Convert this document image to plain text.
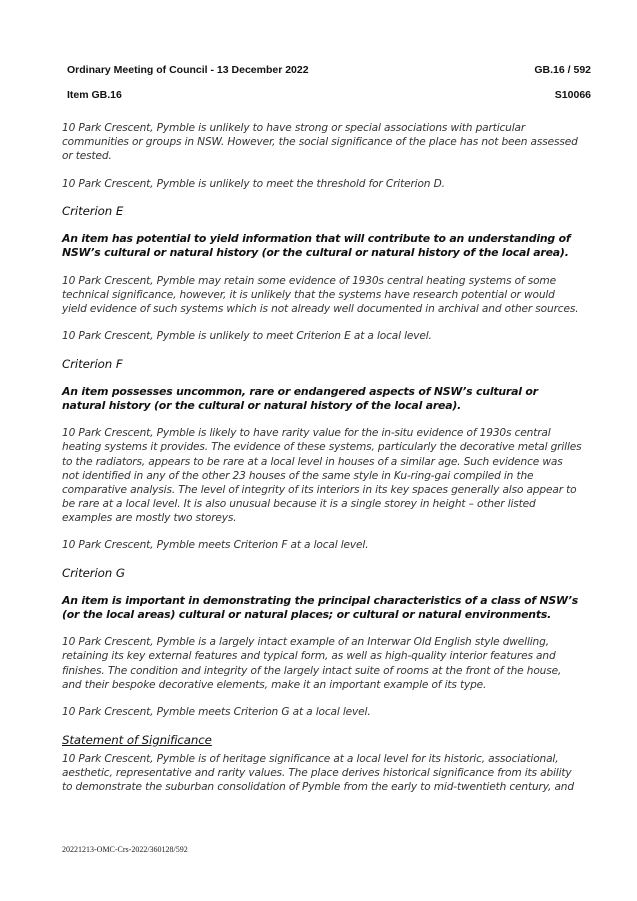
Ordinary Meeting of Council - 13 December 2022	GB.16 / 592
Item GB.16	S10066

10 Park Crescent, Pymble is unlikely to have strong or special associations with particular communities or groups in NSW. However, the social significance of the place has not been assessed or tested.

10 Park Crescent, Pymble is unlikely to meet the threshold for Criterion D.

Criterion E
An item has potential to yield information that will contribute to an understanding of NSW’s cultural or natural history (or the cultural or natural history of the local area).

10 Park Crescent, Pymble may retain some evidence of 1930s central heating systems of some technical significance, however, it is unlikely that the systems have research potential or would yield evidence of such systems which is not already well documented in archival and other sources.

10 Park Crescent, Pymble is unlikely to meet Criterion E at a local level.

Criterion F
An item possesses uncommon, rare or endangered aspects of NSW’s cultural or natural history (or the cultural or natural history of the local area).

10 Park Crescent, Pymble is likely to have rarity value for the in-situ evidence of 1930s central heating systems it provides. The evidence of these systems, particularly the decorative metal grilles to the radiators, appears to be rare at a local level in houses of a similar age. Such evidence was not identified in any of the other 23 houses of the same style in Ku-ring-gai compiled in the comparative analysis. The level of integrity of its interiors in its key spaces generally also appear to be rare at a local level. It is also unusual because it is a single storey in height – other listed examples are mostly two storeys.

10 Park Crescent, Pymble meets Criterion F at a local level.

Criterion G
An item is important in demonstrating the principal characteristics of a class of NSW’s (or the local areas) cultural or natural places; or cultural or natural environments.

10 Park Crescent, Pymble is a largely intact example of an Interwar Old English style dwelling, retaining its key external features and typical form, as well as high-quality interior features and finishes. The condition and integrity of the largely intact suite of rooms at the front of the house, and their bespoke decorative elements, make it an important example of its type.

10 Park Crescent, Pymble meets Criterion G at a local level.

Statement of Significance

10 Park Crescent, Pymble is of heritage significance at a local level for its historic, associational, aesthetic, representative and rarity values. The place derives historical significance from its ability to demonstrate the suburban consolidation of Pymble from the early to mid-twentieth century, and

20221213-OMC-Crs-2022/360128/592
